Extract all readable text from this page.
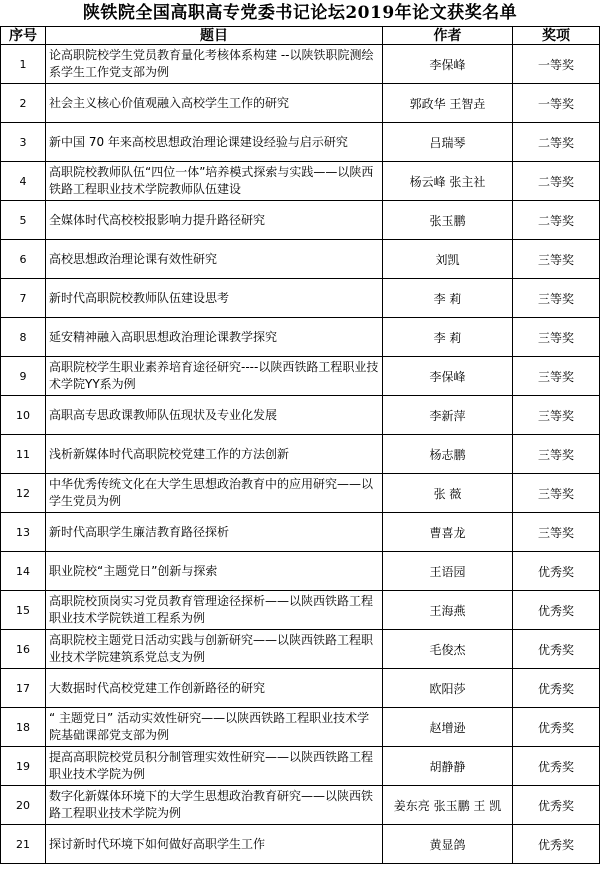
陕铁院全国高职高专党委书记论坛2019年论文获奖名单
序号	题目	作者	奖项
1	论高职院校学生党员教育量化考核体系构建 --以陕铁职院测绘系学生工作党支部为例	李保峰	一等奖
2	社会主义核心价值观融入高校学生工作的研究	郭政华 王智垚	一等奖
3	新中国 70 年来高校思想政治理论课建设经验与启示研究	吕瑞琴	二等奖
4	高职院校教师队伍“四位一体”培养模式探索与实践——以陕西铁路工程职业技术学院教师队伍建设	杨云峰 张主社	二等奖
5	全媒体时代高校校报影响力提升路径研究	张玉鹏	二等奖
6	高校思想政治理论课有效性研究	刘凯	三等奖
7	新时代高职院校教师队伍建设思考	李 莉	三等奖
8	延安精神融入高职思想政治理论课教学探究	李 莉	三等奖
9	高职院校学生职业素养培育途径研究----以陕西铁路工程职业技术学院YY系为例	李保峰	三等奖
10	高职高专思政课教师队伍现状及专业化发展	李新萍	三等奖
11	浅析新媒体时代高职院校党建工作的方法创新	杨志鹏	三等奖
12	中华优秀传统文化在大学生思想政治教育中的应用研究——以学生党员为例	张 薇	三等奖
13	新时代高职学生廉洁教育路径探析	曹喜龙	三等奖
14	职业院校“主题党日”创新与探索	王语园	优秀奖
15	高职院校顶岗实习党员教育管理途径探析——以陕西铁路工程职业技术学院铁道工程系为例	王海燕	优秀奖
16	高职院校主题党日活动实践与创新研究——以陕西铁路工程职业技术学院建筑系党总支为例	毛俊杰	优秀奖
17	大数据时代高校党建工作创新路径的研究	欧阳莎	优秀奖
18	“ 主题党日” 活动实效性研究——以陕西铁路工程职业技术学院基础课部党支部为例	赵增逊	优秀奖
19	提高高职院校党员积分制管理实效性研究——以陕西铁路工程职业技术学院为例	胡静静	优秀奖
20	数字化新媒体环境下的大学生思想政治教育研究——以陕西铁路工程职业技术学院为例	姜东亮 张玉鹏 王 凯	优秀奖
21	探讨新时代环境下如何做好高职学生工作	黄显鸽	优秀奖
